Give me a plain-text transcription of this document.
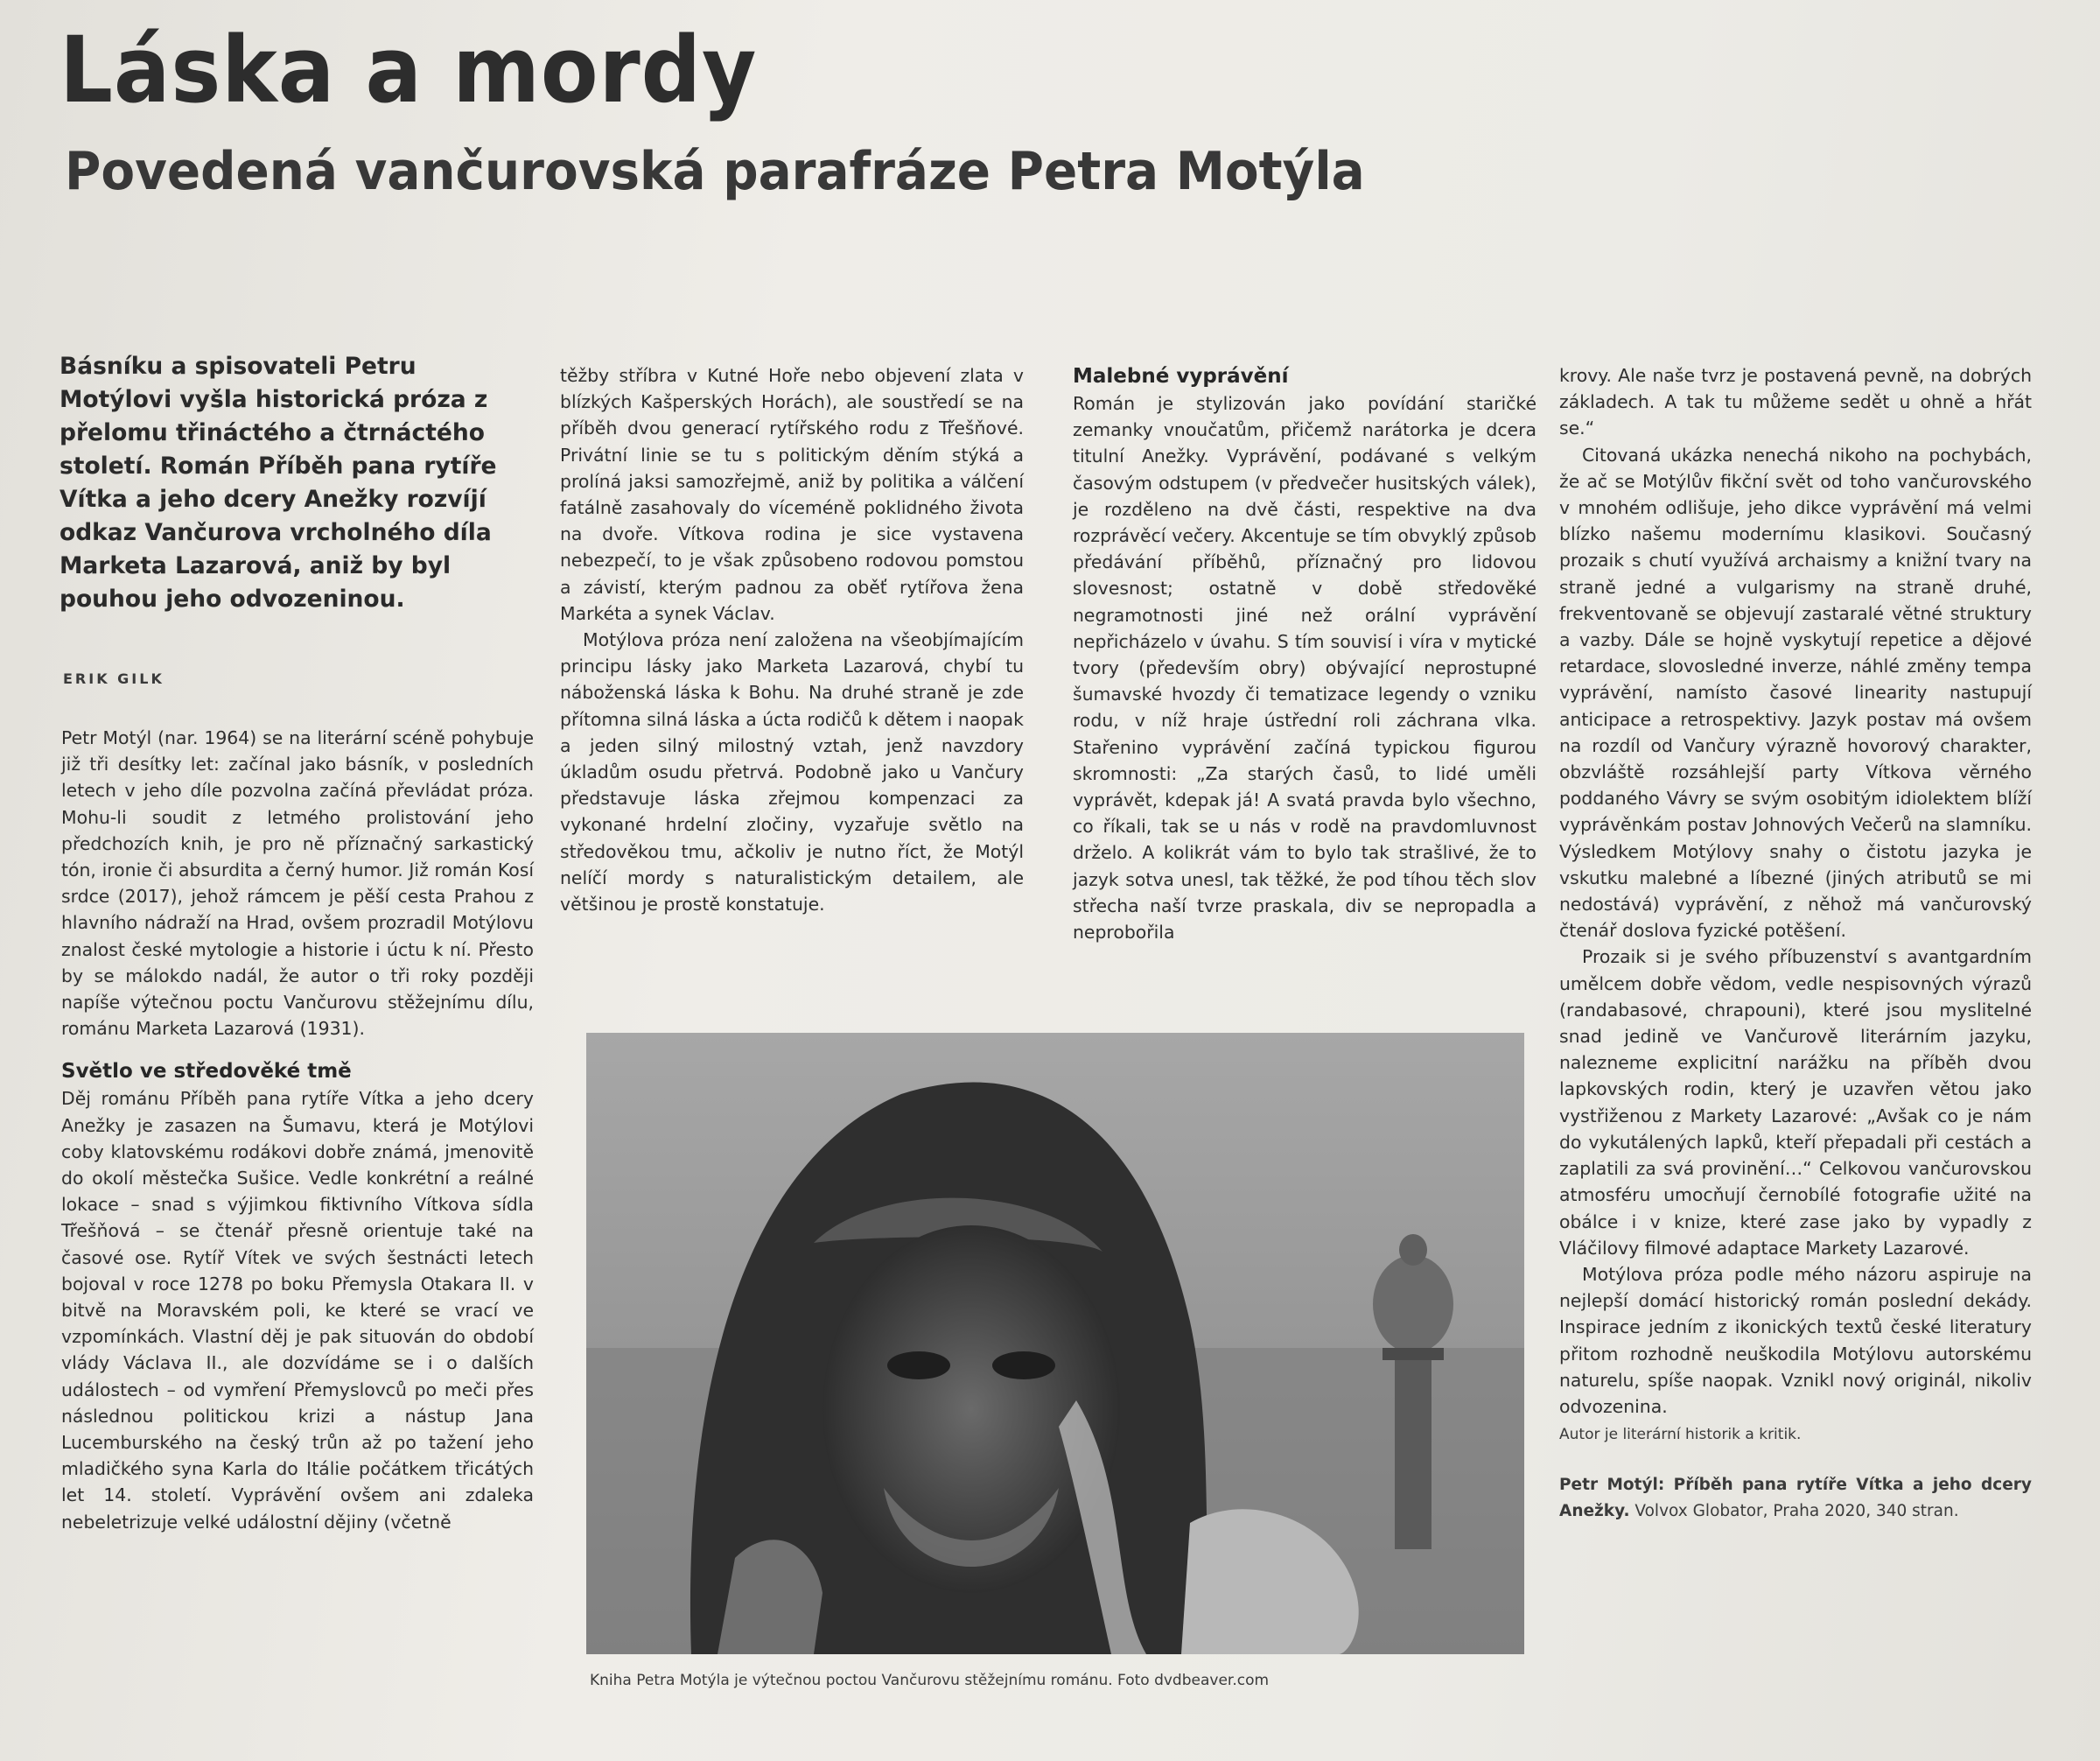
Láska a mordy
Povedená vančurovská parafráze Petra Motýla
Básníku a spisovateli Petru Motýlovi vyšla historická próza z přelomu třináctého a čtrnáctého století. Román Příběh pana rytíře Vítka a jeho dcery Anežky rozvíjí odkaz Vančurova vrcholného díla Marketa Lazarová, aniž by byl pouhou jeho odvozeninou.
ERIK GILK

Petr Motýl (nar. 1964) se na literární scéně pohybuje již tři desítky let: začínal jako básník, v posledních letech v jeho díle pozvolna začíná převládat próza. Mohu-li soudit z letmého prolistování jeho předchozích knih, je pro ně příznačný sarkastický tón, ironie či absurdita a černý humor. Již román Kosí srdce (2017), jehož rámcem je pěší cesta Prahou z hlavního nádraží na Hrad, ovšem prozradil Motýlovu znalost české mytologie a historie i úctu k ní. Přesto by se málokdo nadál, že autor o tři roky později napíše výtečnou poctu Vančurovu stěžejnímu dílu, románu Marketa Lazarová (1931).

Světlo ve středověké tmě

Děj románu Příběh pana rytíře Vítka a jeho dcery Anežky je zasazen na Šumavu, která je Motýlovi coby klatovskému rodákovi dobře známá, jmenovitě do okolí městečka Sušice. Vedle konkrétní a reálné lokace – snad s výjimkou fiktivního Vítkova sídla Třešňová – se čtenář přesně orientuje také na časové ose. Rytíř Vítek ve svých šestnácti letech bojoval v roce 1278 po boku Přemysla Otakara II. v bitvě na Moravském poli, ke které se vrací ve vzpomínkách. Vlastní děj je pak situován do období vlády Václava II., ale dozvídáme se i o dalších událostech – od vymření Přemyslovců po meči přes následnou politickou krizi a nástup Jana Lucemburského na český trůn až po tažení jeho mladičkého syna Karla do Itálie počátkem třicátých let 14. století. Vyprávění ovšem ani zdaleka nebeletrizuje velké událostní dějiny (včetně

těžby stříbra v Kutné Hoře nebo objevení zlata v blízkých Kašperských Horách), ale soustředí se na příběh dvou generací rytířského rodu z Třešňové. Privátní linie se tu s politickým děním stýká a prolíná jaksi samozřejmě, aniž by politika a válčení fatálně zasahovaly do víceméně poklidného života na dvoře. Vítkova rodina je sice vystavena nebezpečí, to je však způsobeno rodovou pomstou a závistí, kterým padnou za oběť rytířova žena Markéta a synek Václav.

Motýlova próza není založena na všeobjímajícím principu lásky jako Marketa Lazarová, chybí tu náboženská láska k Bohu. Na druhé straně je zde přítomna silná láska a úcta rodičů k dětem i naopak a jeden silný milostný vztah, jenž navzdory úkladům osudu přetrvá. Podobně jako u Vančury představuje láska zřejmou kompenzaci za vykonané hrdelní zločiny, vyzařuje světlo na středověkou tmu, ačkoliv je nutno říct, že Motýl nelíčí mordy s naturalistickým detailem, ale většinou je prostě konstatuje.

Malebné vyprávění

Román je stylizován jako povídání staričké zemanky vnoučatům, přičemž narátorka je dcera titulní Anežky. Vyprávění, podávané s velkým časovým odstupem (v předvečer husitských válek), je rozděleno na dvě části, respektive na dva rozprávěcí večery. Akcentuje se tím obvyklý způsob předávání příběhů, příznačný pro lidovou slovesnost; ostatně v době středověké negramotnosti jiné než orální vyprávění nepřicházelo v úvahu. S tím souvisí i víra v mytické tvory (především obry) obývající neprostupné šumavské hvozdy či tematizace legendy o vzniku rodu, v níž hraje ústřední roli záchrana vlka. Stařenino vyprávění začíná typickou figurou skromnosti: „Za starých časů, to lidé uměli vyprávět, kdepak já! A svatá pravda bylo všechno, co říkali, tak se u nás v rodě na pravdomluvnost drželo. A kolikrát vám to bylo tak strašlivé, že to jazyk sotva unesl, tak těžké, že pod tíhou těch slov střecha naší tvrze praskala, div se nepropadla a neprobořila

krovy. Ale naše tvrz je postavená pevně, na dobrých základech. A tak tu můžeme sedět u ohně a hřát se.“

Citovaná ukázka nenechá nikoho na pochybách, že ač se Motýlův fikční svět od toho vančurovského v mnohém odlišuje, jeho dikce vyprávění má velmi blízko našemu modernímu klasikovi. Současný prozaik s chutí využívá archaismy a knižní tvary na straně jedné a vulgarismy na straně druhé, frekventovaně se objevují zastaralé větné struktury a vazby. Dále se hojně vyskytují repetice a dějové retardace, slovosledné inverze, náhlé změny tempa vyprávění, namísto časové linearity nastupují anticipace a retrospektivy. Jazyk postav má ovšem na rozdíl od Vančury výrazně hovorový charakter, obzvláště rozsáhlejší party Vítkova věrného poddaného Vávry se svým osobitým idiolektem blíží vyprávěnkám postav Johnových Večerů na slamníku. Výsledkem Motýlovy snahy o čistotu jazyka je vskutku malebné a líbezné (jiných atributů se mi nedostává) vyprávění, z něhož má vančurovský čtenář doslova fyzické potěšení.

Prozaik si je svého příbuzenství s avantgardním umělcem dobře vědom, vedle nespisovných výrazů (randabasové, chrapouni), které jsou myslitelné snad jedině ve Vančurově literárním jazyku, nalezneme explicitní narážku na příběh dvou lapkovských rodin, který je uzavřen větou jako vystřiženou z Markety Lazarové: „Avšak co je nám do vykutálených lapků, kteří přepadali při cestách a zaplatili za svá provinění…“ Celkovou vančurovskou atmosféru umocňují černobílé fotografie užité na obálce i v knize, které zase jako by vypadly z Vláčilovy filmové adaptace Markety Lazarové.

Motýlova próza podle mého názoru aspiruje na nejlepší domácí historický román poslední dekády. Inspirace jedním z ikonických textů české literatury přitom rozhodně neuškodila Motýlovu autorskému naturelu, spíše naopak. Vznikl nový originál, nikoliv odvozenina.

Autor je literární historik a kritik.
Petr Motýl: Příběh pana rytíře Vítka a jeho dcery Anežky. Volvox Globator, Praha 2020, 340 stran.
Kniha Petra Motýla je výtečnou poctou Vančurovu stěžejnímu románu. Foto dvdbeaver.com
